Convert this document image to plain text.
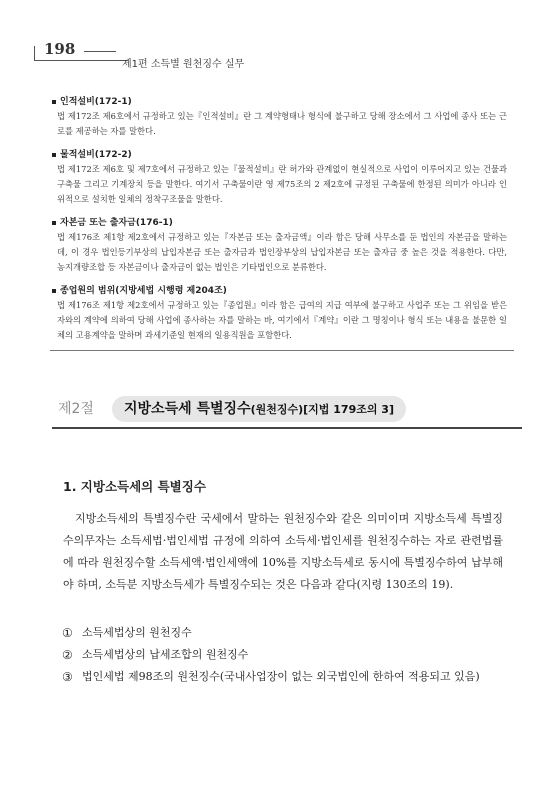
198
제1편 소득별 원천징수 실무
인적설비(172-1)
법 제172조 제6호에서 규정하고 있는『인적설비』란 그 계약형태나 형식에 불구하고 당해 장소에서 그 사업에 종사 또는 근로를 제공하는 자를 말한다.
물적설비(172-2)
법 제172조 제6호 및 제7호에서 규정하고 있는『물적설비』란 허가와 관계없이 현실적으로 사업이 이루어지고 있는 건물과 구축물 그리고 기계장치 등을 말한다. 여기서 구축물이란 영 제75조의 2 제2호에 규정된 구축물에 한정된 의미가 아니라 인위적으로 설치한 일체의 정착구조물을 말한다.
자본금 또는 출자금(176-1)
법 제176조 제1항 제2호에서 규정하고 있는『자본금 또는 출자금액』이라 함은 당해 사무소를 둔 법인의 자본금을 말하는데, 이 경우 법인등기부상의 납입자본금 또는 출자금과 법인장부상의 납입자본금 또는 출자금 중 높은 것을 적용한다. 다만, 농지개량조합 등 자본금이나 출자금이 없는 법인은 기타법인으로 분류한다.
종업원의 범위(지방세법 시행령 제204조)
법 제176조 제1항 제2호에서 규정하고 있는『종업원』이라 함은 급여의 지급 여부에 불구하고 사업주 또는 그 위임을 받은 자와의 계약에 의하여 당해 사업에 종사하는 자를 말하는 바, 여기에서『계약』이란 그 명칭이나 형식 또는 내용을 불문한 일체의 고용계약을 말하며 과세기준일 현재의 일용직원을 포함한다.
제2절	지방소득세 특별징수(원천징수)[지법 179조의 3]
1. 지방소득세의 특별징수
지방소득세의 특별징수란 국세에서 말하는 원천징수와 같은 의미이며 지방소득세 특별징수의무자는 소득세법·법인세법 규정에 의하여 소득세·법인세를 원천징수하는 자로 관련법률에 따라 원천징수할 소득세액·법인세액에 10%를 지방소득세로 동시에 특별징수하여 납부해야 하며, 소득분 지방소득세가 특별징수되는 것은 다음과 같다(지령 130조의 19).
① 소득세법상의 원천징수
② 소득세법상의 납세조합의 원천징수
③ 법인세법 제98조의 원천징수(국내사업장이 없는 외국법인에 한하여 적용되고 있음)
